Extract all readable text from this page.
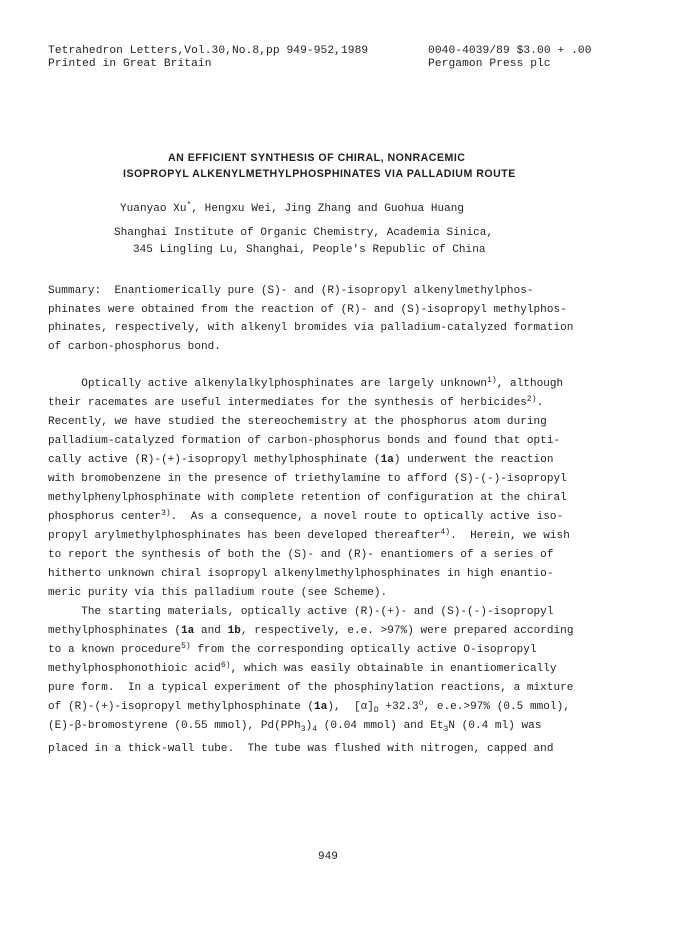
Tetrahedron Letters,Vol.30,No.8,pp 949-952,1989
Printed in Great Britain
0040-4039/89 $3.00 + .00
Pergamon Press plc
AN EFFICIENT SYNTHESIS OF CHIRAL, NONRACEMIC
ISOPROPYL ALKENYLMETHYLPHOSPHINATES VIA PALLADIUM ROUTE
Yuanyao Xu*, Hengxu Wei, Jing Zhang and Guohua Huang
Shanghai Institute of Organic Chemistry, Academia Sinica,
345 Lingling Lu, Shanghai, People's Republic of China
Summary:  Enantiomerically pure (S)- and (R)-isopropyl alkenylmethylphos-
phinates were obtained from the reaction of (R)- and (S)-isopropyl methylphos-
phinates, respectively, with alkenyl bromides via palladium-catalyzed formation
of carbon-phosphorus bond.
Optically active alkenylalkylphosphinates are largely unknown$^{1)}$, although
their racemates are useful intermediates for the synthesis of herbicides$^{2)}$.
Recently, we have studied the stereochemistry at the phosphorus atom during
palladium-catalyzed formation of carbon-phosphorus bonds and found that opti-
cally active (R)-(+)-isopropyl methylphosphinate (1a) underwent the reaction
with bromobenzene in the presence of triethylamine to afford (S)-(-)-isopropyl
methylphenylphosphinate with complete retention of configuration at the chiral
phosphorus center$^{3)}$.  As a consequence, a novel route to optically active iso-
propyl arylmethylphosphinates has been developed thereafter$^{4)}$.  Herein, we wish
to report the synthesis of both the (S)- and (R)- enantiomers of a series of
hitherto unknown chiral isopropyl alkenylmethylphosphinates in high enantio-
meric purity via this palladium route (see Scheme).
The starting materials, optically active (R)-(+)- and (S)-(-)-isopropyl
methylphosphinates (1a and 1b, respectively, e.e. >97%) were prepared according
to a known procedure$^{5)}$ from the corresponding optically active O-isopropyl
methylphosphonothioic acid$^{6)}$, which was easily obtainable in enantiomerically
pure form.  In a typical experiment of the phosphinylation reactions, a mixture
of (R)-(+)-isopropyl methylphosphinate (1a),  $[\alpha]_D +32.3^o$, e.e.>97% (0.5 mmol),
(E)-β-bromostyrene (0.55 mmol), $Pd(PPh_3)_4$ (0.04 mmol) and $Et_3N$ (0.4 ml) was
placed in a thick-wall tube.  The tube was flushed with nitrogen, capped and
949
